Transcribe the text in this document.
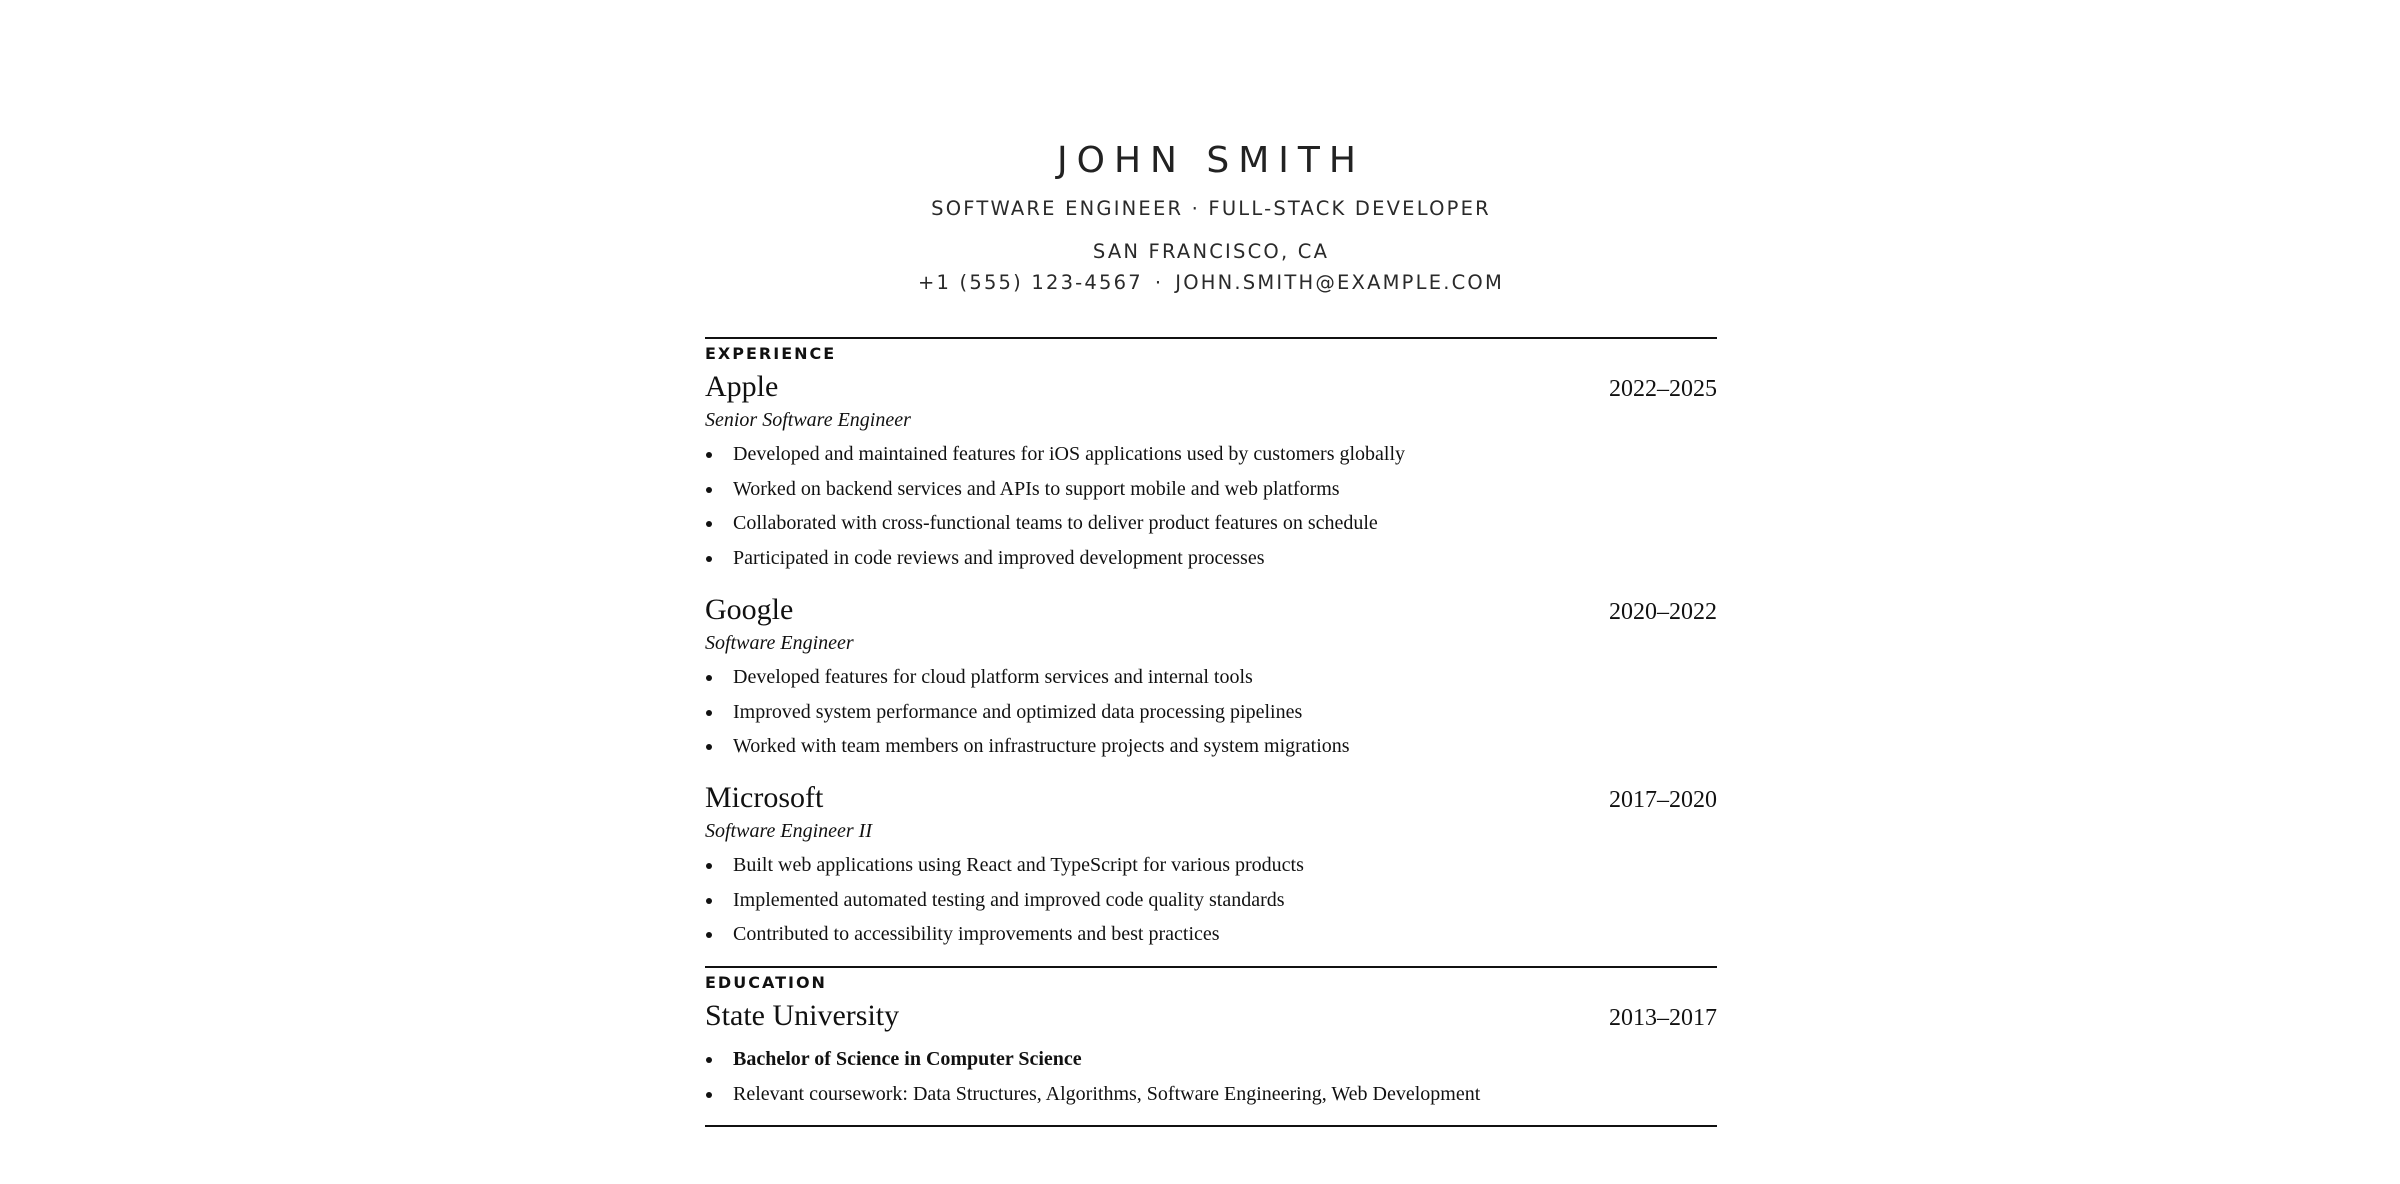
JOHN SMITH
SOFTWARE ENGINEER · FULL-STACK DEVELOPER
SAN FRANCISCO, CA
+1 (555) 123-4567 · JOHN.SMITH@EXAMPLE.COM
EXPERIENCE
Apple	2022–2025
Senior Software Engineer
Developed and maintained features for iOS applications used by customers globally
Worked on backend services and APIs to support mobile and web platforms
Collaborated with cross-functional teams to deliver product features on schedule
Participated in code reviews and improved development processes
Google	2020–2022
Software Engineer
Developed features for cloud platform services and internal tools
Improved system performance and optimized data processing pipelines
Worked with team members on infrastructure projects and system migrations
Microsoft	2017–2020
Software Engineer II
Built web applications using React and TypeScript for various products
Implemented automated testing and improved code quality standards
Contributed to accessibility improvements and best practices
EDUCATION
State University	2013–2017
Bachelor of Science in Computer Science
Relevant coursework: Data Structures, Algorithms, Software Engineering, Web Development
